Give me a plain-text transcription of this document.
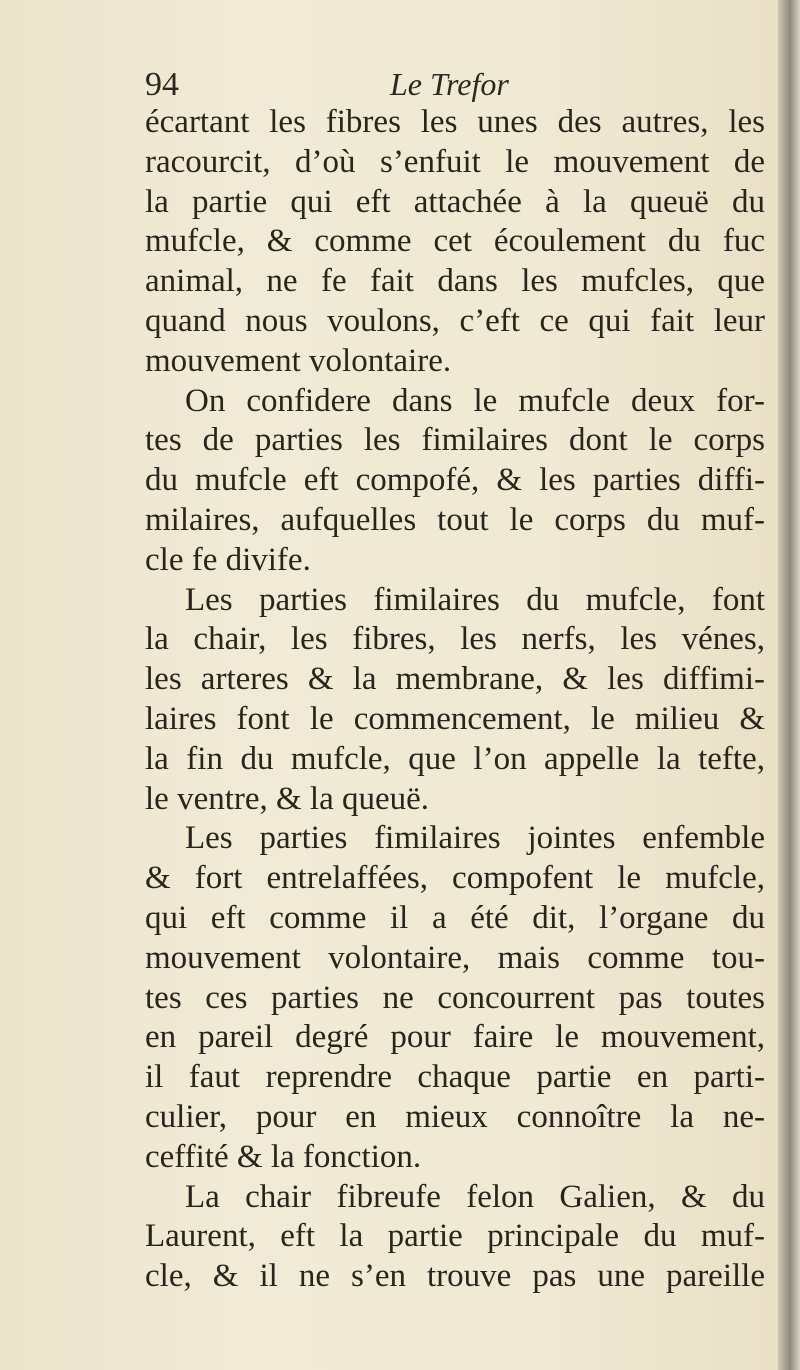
94	Le Trefor
écartant les fibres les unes des autres, les
racourcit, d’où s’enfuit le mouvement de
la partie qui eft attachée à la queuë du
mufcle, & comme cet écoulement du fuc
animal, ne fe fait dans les mufcles, que
quand nous voulons, c’eft ce qui fait leur
mouvement volontaire.
On confidere dans le mufcle deux for-
tes de parties les fimilaires dont le corps
du mufcle eft compofé, & les parties diffi-
milaires, aufquelles tout le corps du muf-
cle fe divife.
Les parties fimilaires du mufcle, font
la chair, les fibres, les nerfs, les vénes,
les arteres & la membrane, & les diffimi-
laires font le commencement, le milieu &
la fin du mufcle, que l’on appelle la tefte,
le ventre, & la queuë.
Les parties fimilaires jointes enfemble
& fort entrelaffées, compofent le mufcle,
qui eft comme il a été dit, l’organe du
mouvement volontaire, mais comme tou-
tes ces parties ne concourrent pas toutes
en pareil degré pour faire le mouvement,
il faut reprendre chaque partie en parti-
culier, pour en mieux connoître la ne-
ceffité & la fonction.
La chair fibreufe felon Galien, & du
Laurent, eft la partie principale du muf-
cle, & il ne s’en trouve pas une pareille
